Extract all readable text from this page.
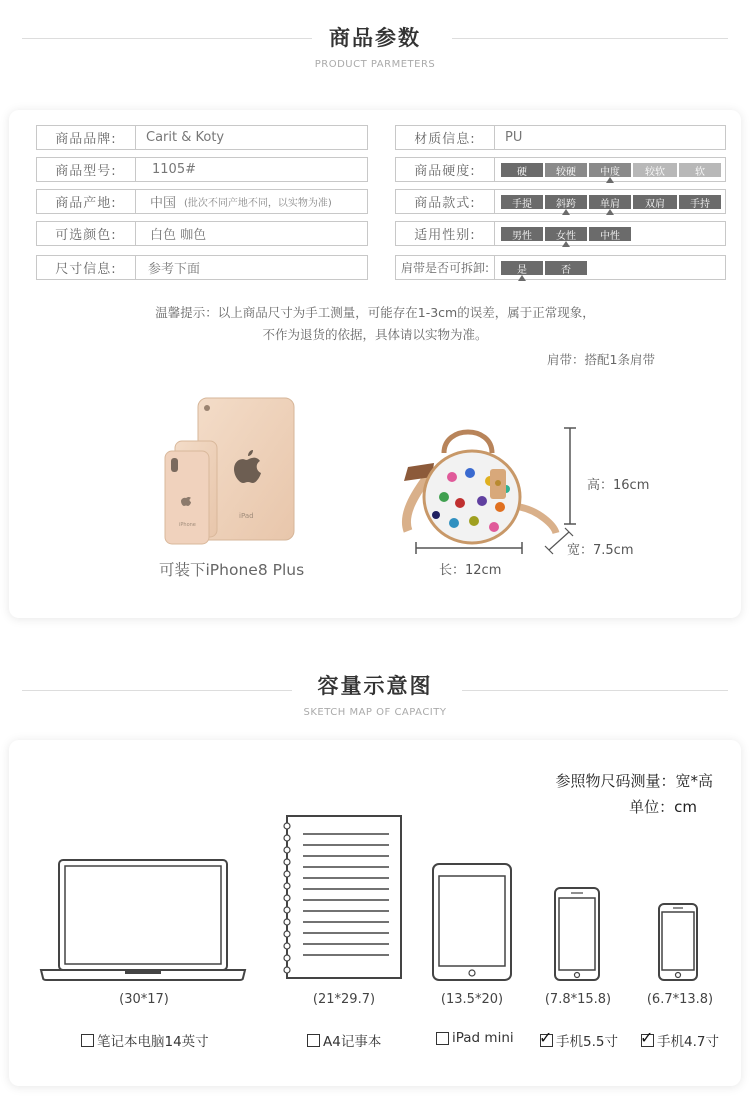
商品参数
PRODUCT PARMETERS
商品品牌:	Carit & Koty
商品型号:	1105#
商品产地:	中国 (批次不同产地不同，以实物为准)
可选颜色:	白色 咖色
尺寸信息:	参考下面
材质信息:	PU
商品硬度:	硬	较硬	中度	较软	软
商品款式:	手提	斜跨	单肩	双肩	手持
适用性别:	男性	女性	中性
肩带是否可拆卸:	是	否
温馨提示：以上商品尺寸为手工测量，可能存在1-3cm的误差，属于正常现象，
不作为退货的依据，具体请以实物为准。
肩带：搭配1条肩带
iPad
iPhone
可装下iPhone8 Plus
高：16cm
宽：7.5cm
长：12cm
容量示意图
SKETCH MAP OF CAPACITY
参照物尺码测量：宽*高
单位：cm
(30*17)	(21*29.7)	(13.5*20)	(7.8*15.8)	(6.7*13.8)
笔记本电脑14英寸	A4记事本	iPad mini ✓	手机5.5寸 ✓	手机4.7寸
